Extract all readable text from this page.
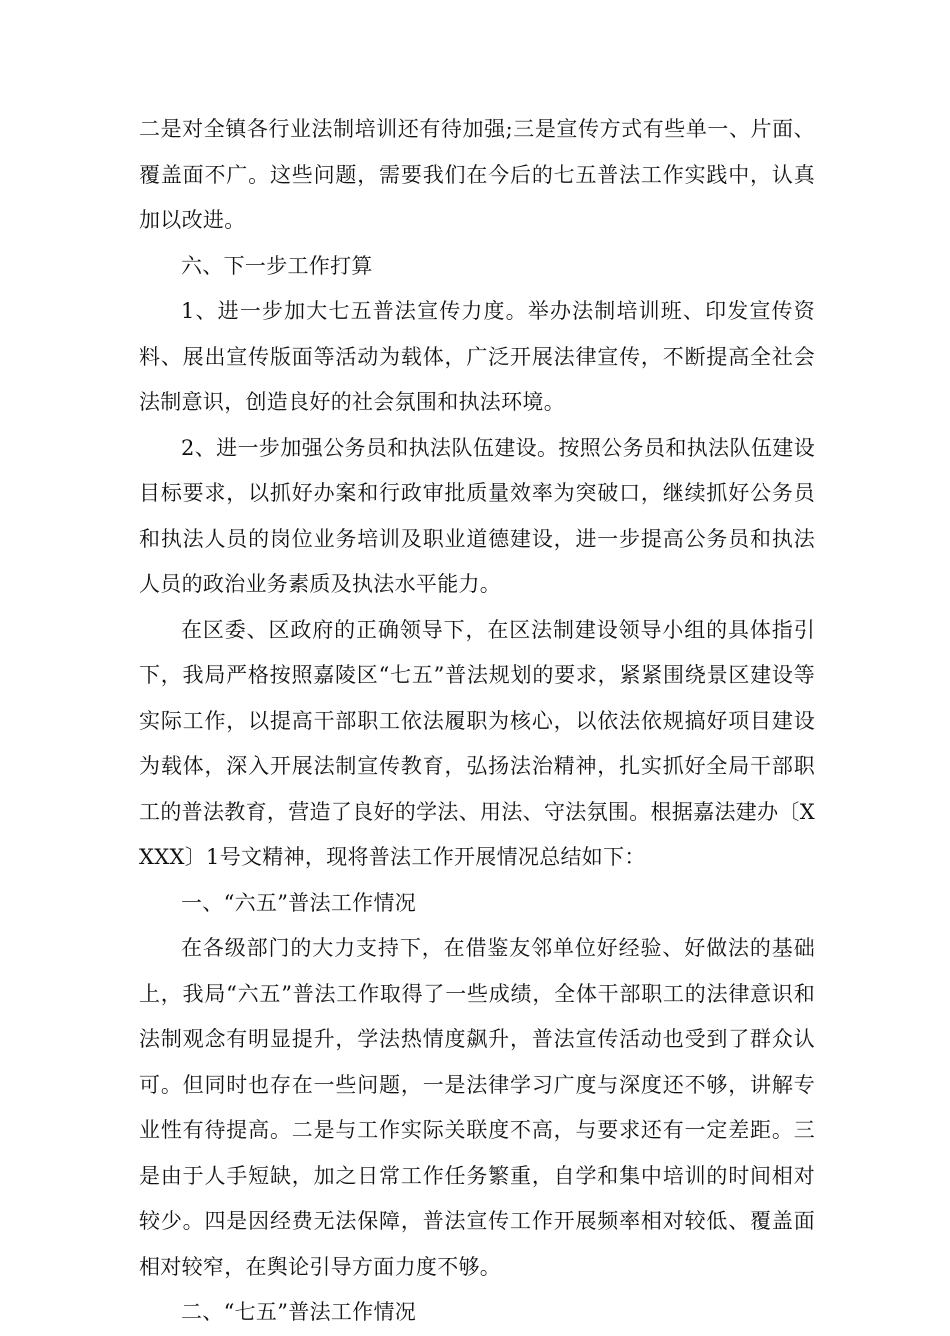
二是对全镇各行业法制培训还有待加强;三是宣传方式有些单一、片面、覆盖面不广。这些问题，需要我们在今后的七五普法工作实践中，认真加以改进。

六、下一步工作打算

1、进一步加大七五普法宣传力度。举办法制培训班、印发宣传资料、展出宣传版面等活动为载体，广泛开展法律宣传，不断提高全社会法制意识，创造良好的社会氛围和执法环境。

2、进一步加强公务员和执法队伍建设。按照公务员和执法队伍建设目标要求，以抓好办案和行政审批质量效率为突破口，继续抓好公务员和执法人员的岗位业务培训及职业道德建设，进一步提高公务员和执法人员的政治业务素质及执法水平能力。

在区委、区政府的正确领导下，在区法制建设领导小组的具体指引下，我局严格按照嘉陵区“七五”普法规划的要求，紧紧围绕景区建设等实际工作，以提高干部职工依法履职为核心，以依法依规搞好项目建设为载体，深入开展法制宣传教育，弘扬法治精神，扎实抓好全局干部职工的普法教育，营造了良好的学法、用法、守法氛围。根据嘉法建办〔XXXX〕1号文精神，现将普法工作开展情况总结如下：

一、“六五”普法工作情况

在各级部门的大力支持下，在借鉴友邻单位好经验、好做法的基础上，我局“六五”普法工作取得了一些成绩，全体干部职工的法律意识和法制观念有明显提升，学法热情度飙升，普法宣传活动也受到了群众认可。但同时也存在一些问题，一是法律学习广度与深度还不够，讲解专业性有待提高。二是与工作实际关联度不高，与要求还有一定差距。三是由于人手短缺，加之日常工作任务繁重，自学和集中培训的时间相对较少。四是因经费无法保障，普法宣传工作开展频率相对较低、覆盖面相对较窄，在舆论引导方面力度不够。

二、“七五”普法工作情况
